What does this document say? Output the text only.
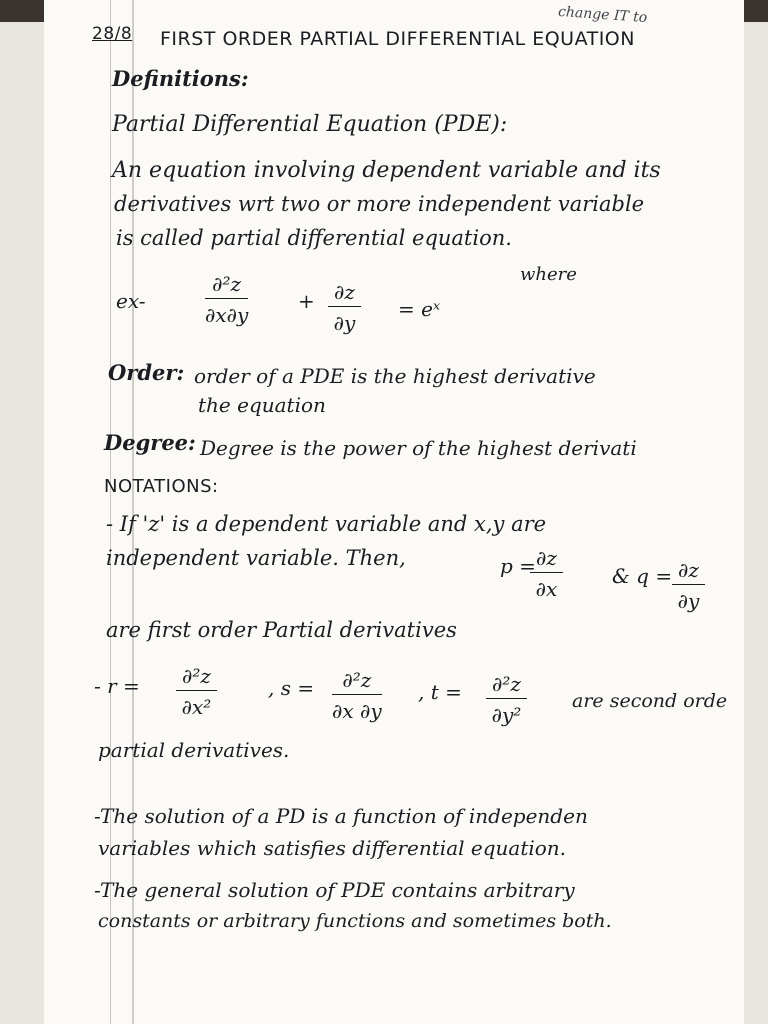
28/8 FIRST ORDER PARTIAL DIFFERENTIAL EQUATION
change IT to
Definitions:
Partial Differential Equation (PDE):
An equation involving dependent variable and its
derivatives wrt two or more independent variable
is called partial differential equation.
where
ex-	$\frac{\text{∂²z}}{\partial x\partial y} + \frac{\partial z}{\partial y}$ = eˣ
Order: order of a PDE is the highest derivative
the equation
Degree: Degree is the power of the highest derivati
NOTATIONS:
- If 'z' is a dependent variable and x,y are
independent variable. Then,	p =
$\frac{\partial z}{\partial x}$ & $q = \frac{\partial z}{\partial y}$
are first order Partial derivatives
- $r = \frac{\text{∂²z}}{\text{∂x²}}$	, $s = \frac{\text{∂²z}}{\partial x \partial y}$ , $t = \frac{\text{∂²z}}{\text{∂y²}}$ are second orde
partial derivatives.
-The solution of a PD is a function of independen
variables which satisfies differential equation.
-The general solution of PDE contains arbitrary
constants or arbitrary functions and sometimes both.
